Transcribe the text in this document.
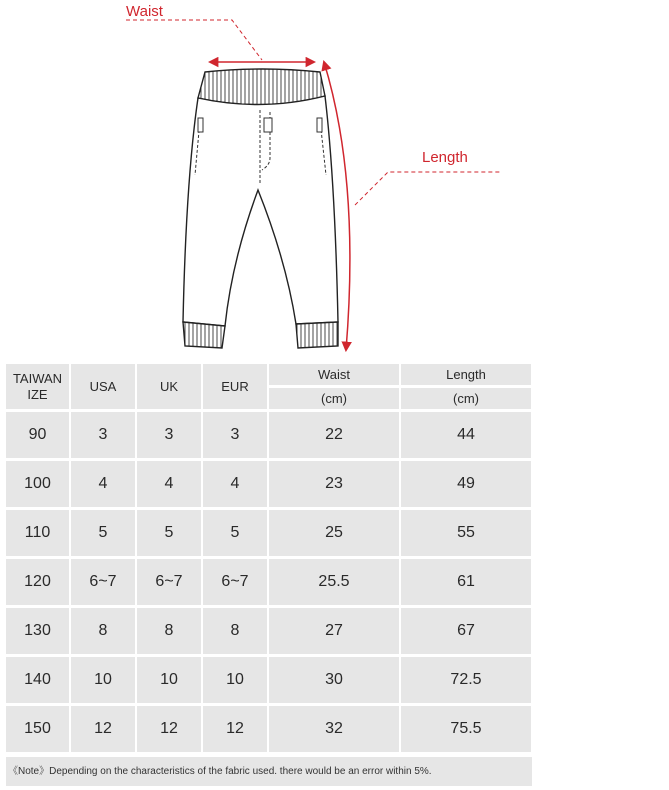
Waist
Length
TAIWAN
IZE	USA	UK	EUR	Waist	Length
				(cm)	(cm)
90	3	3	3	22	44
100	4	4	4	23	49
110	5	5	5	25	55
120	6~7	6~7	6~7	25.5	61
130	8	8	8	27	67
140	10	10	10	30	72.5
150	12	12	12	32	75.5
《Note》Depending on the characteristics of the fabric used. there would be an error within 5%.
